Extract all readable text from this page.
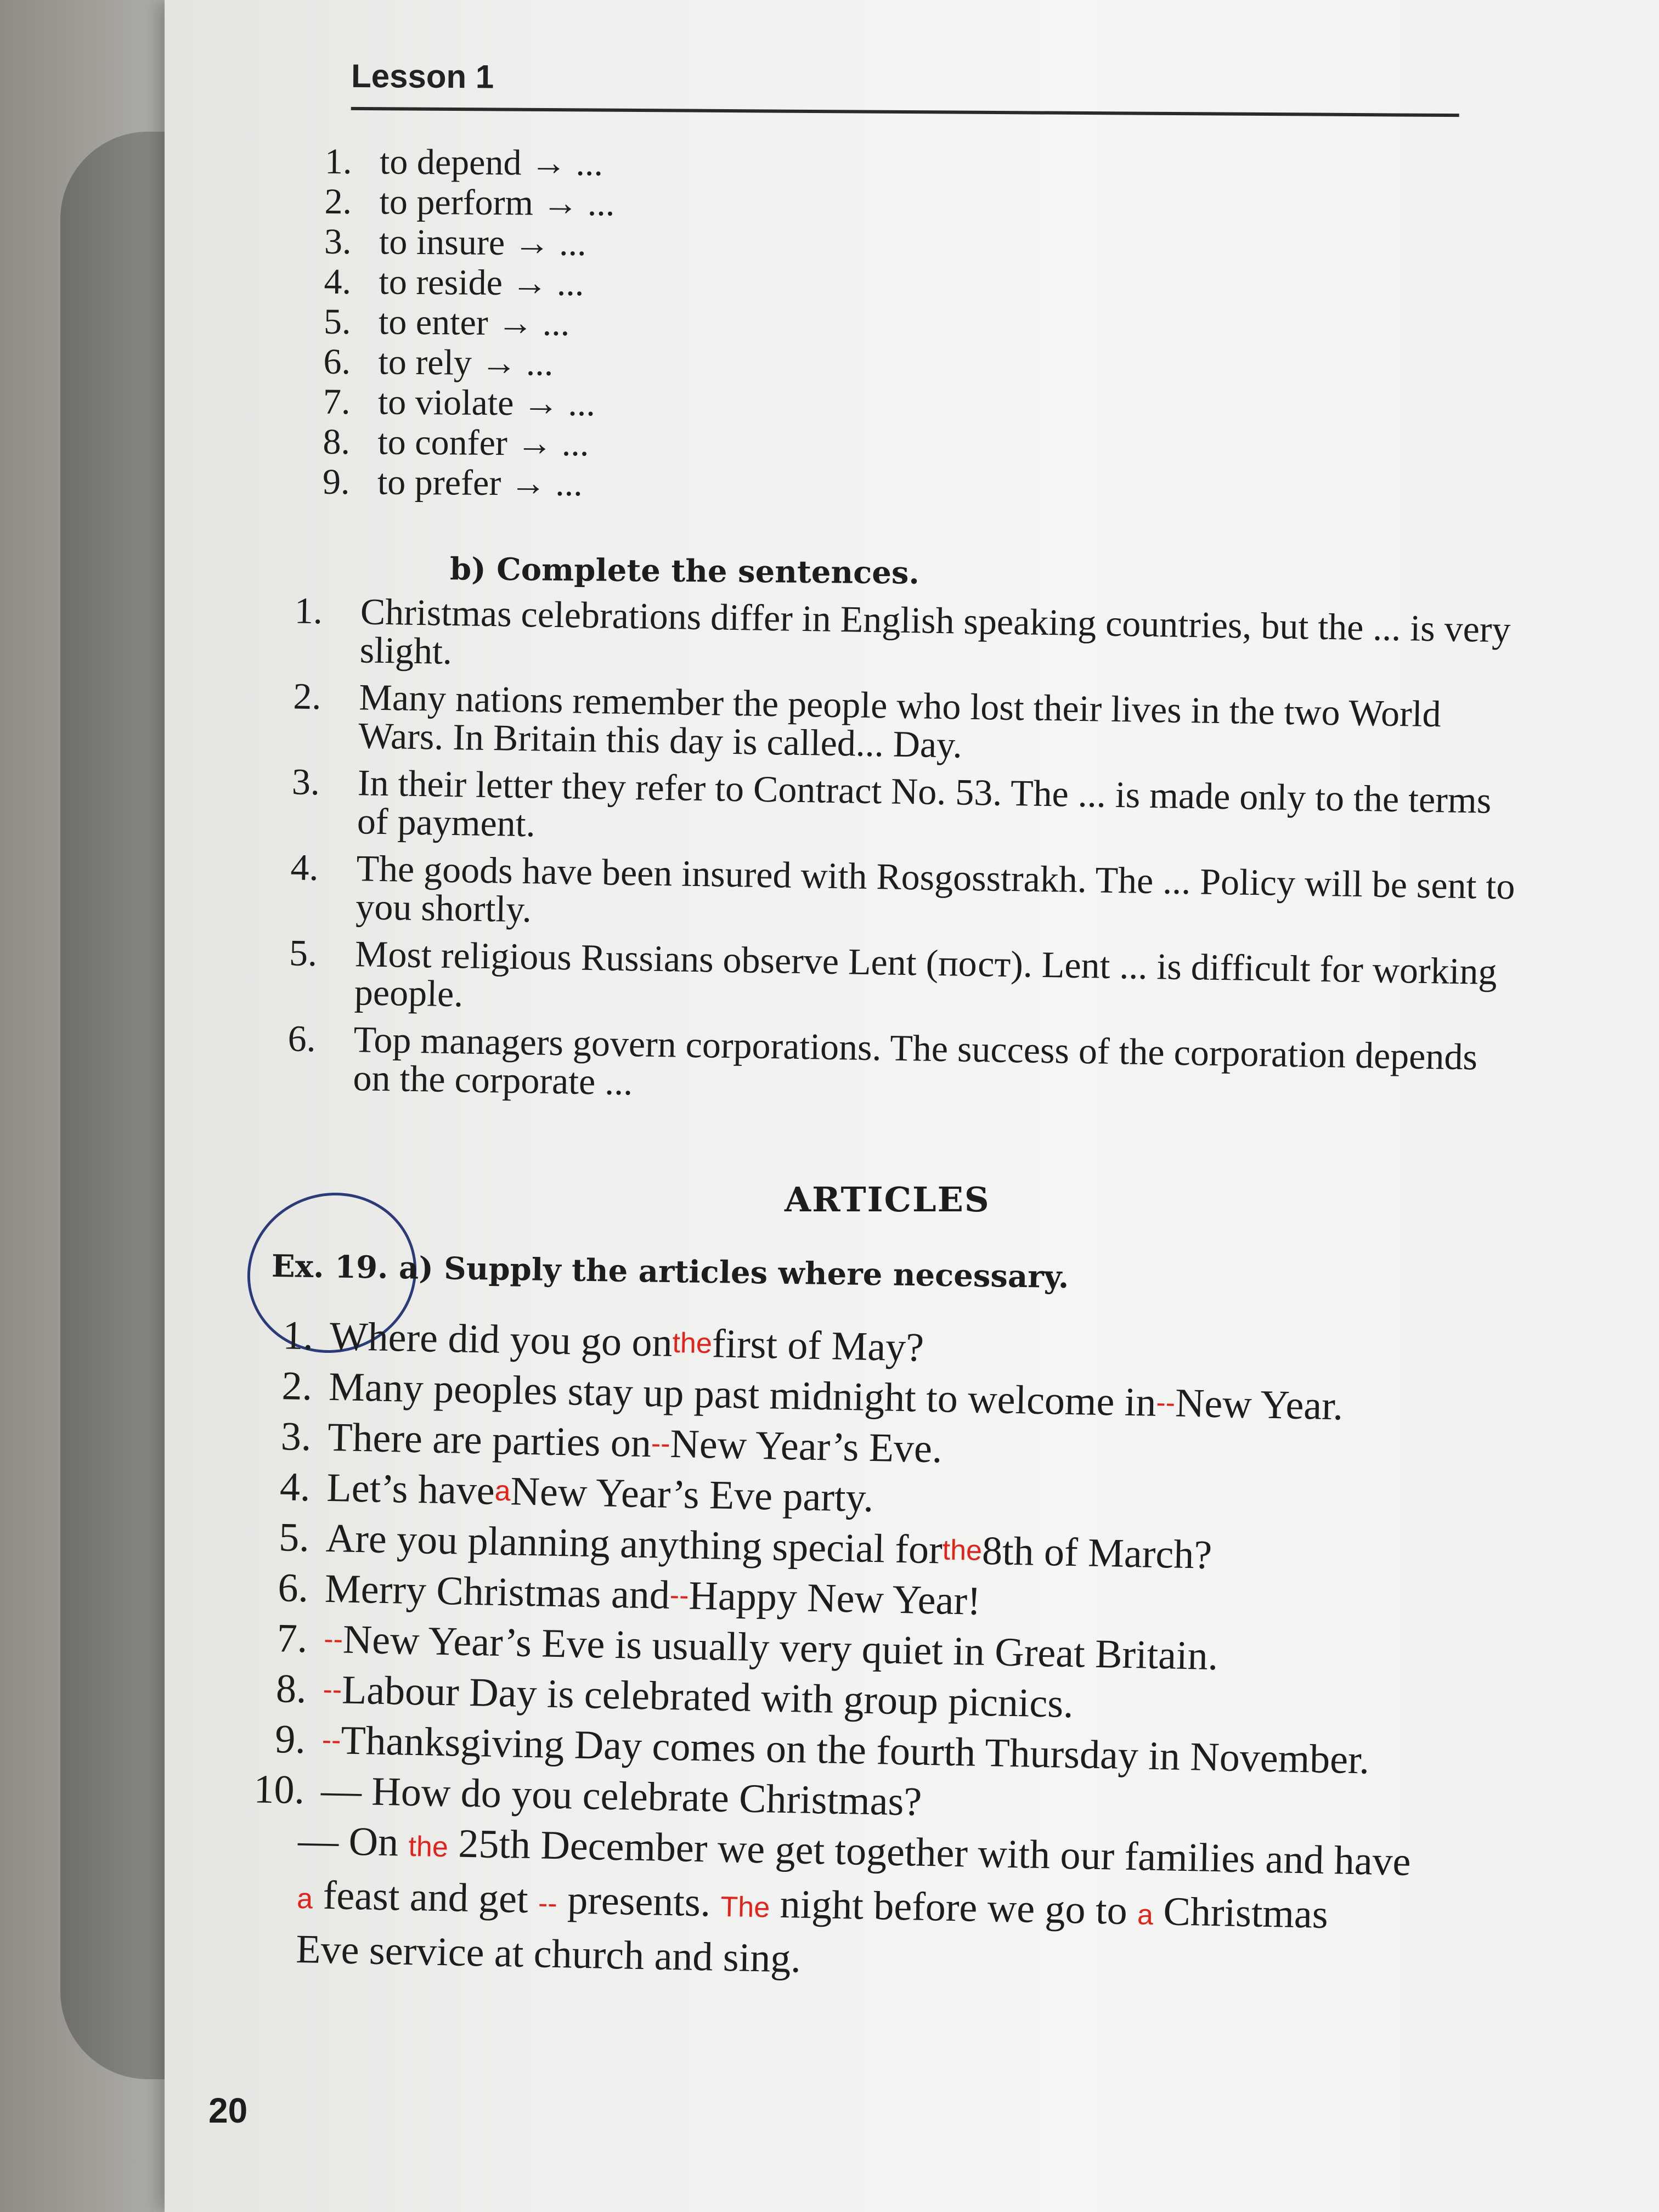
Lesson 1
1. to depend → ...
2. to perform → ...
3. to insure → ...
4. to reside → ...
5. to enter → ...
6. to rely → ...
7. to violate → ...
8. to confer → ...
9. to prefer → ...
b) Complete the sentences.
1. Christmas celebrations differ in English speaking countries, but the ... is very slight.
2. Many nations remember the people who lost their lives in the two World Wars. In Britain this day is called... Day.
3. In their letter they refer to Contract No. 53. The ... is made only to the terms of payment.
4. The goods have been insured with Rosgosstrakh. The ... Policy will be sent to you shortly.
5. Most religious Russians observe Lent (пост). Lent ... is difficult for working people.
6. Top managers govern corporations. The success of the corporation depends on the corporate ...
ARTICLES
Ex. 19. a) Supply the articles where necessary.
1. Where did you go on
the
first of May?
2. Many peoples stay up past midnight to welcome in
--
New Year.
3. There are parties on
--
New Year’s Eve.
4. Let’s have
a
New Year’s Eve party.
5. Are you planning anything special for
the
8th of March?
6. Merry Christmas and
--
Happy New Year!
7. --
New Year’s Eve is usually very quiet in Great Britain.
8. --
Labour Day is celebrated with group picnics.
9. --
Thanksgiving Day comes on the fourth Thursday in November.
10. — How do you celebrate Christmas?
— On the 25th December we get together with our families and have
a feast and get -- presents. The night before we go to a Christmas
Eve service at church and sing.
20
